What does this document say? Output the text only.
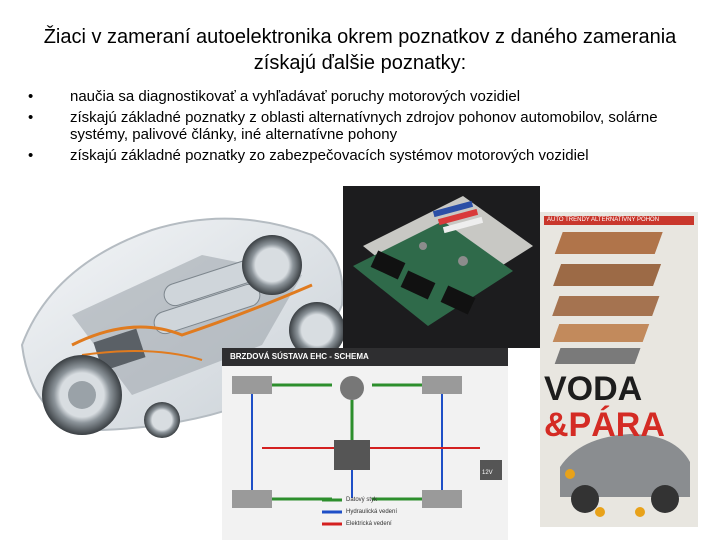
Žiaci v zameraní autoelektronika okrem poznatkov z daného zamerania získajú ďalšie poznatky:
•	naučia sa diagnostikovať a vyhľadávať poruchy motorových vozidiel
•	získajú základné poznatky z oblasti alternatívnych zdrojov pohonov automobilov, solárne systémy, palivové články, iné alternatívne pohony
•	získajú základné poznatky zo zabezpečovacích systémov motorových vozidiel
BRZDOVÁ SÚSTAVA EHC - SCHEMA
12V
Datový styk
Hydraulická vedení
Elektrická vedení
AUTO TRENDY ALTERNATÍVNY POHON
VODA
&PÁRA
